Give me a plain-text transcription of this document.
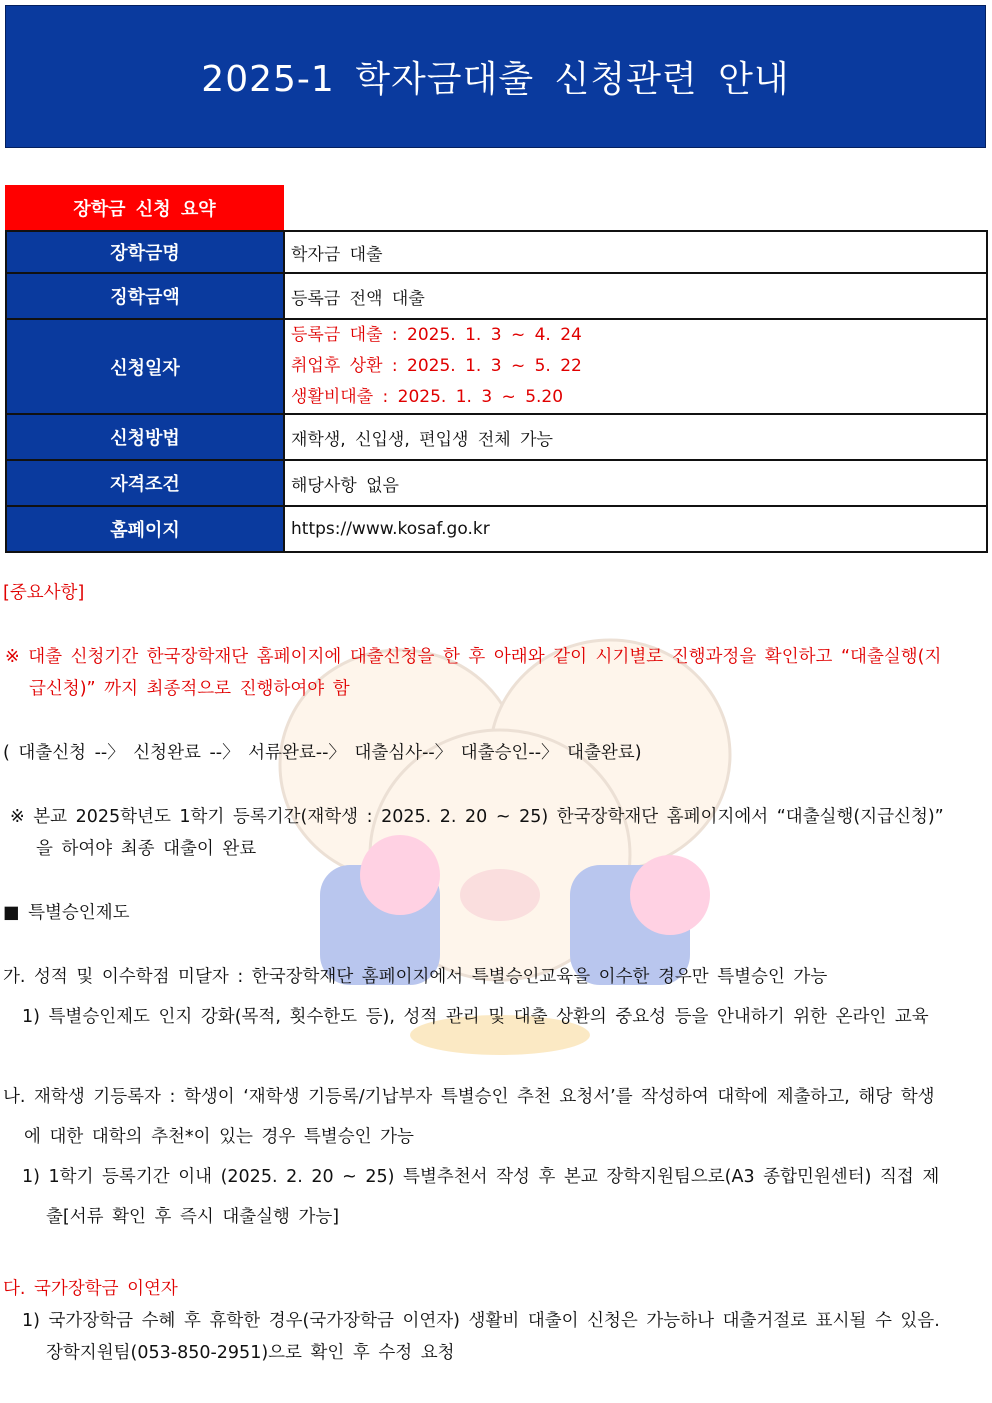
2025-1 학자금대출 신청관련 안내
장학금 신청 요약
장학금명	학자금 대출
징학금액	등록금 전액 대출
신청일자	등록금 대출 : 2025. 1. 3 ~ 4. 24
취업후 상환 : 2025. 1. 3 ~ 5. 22
생활비대출 : 2025. 1. 3 ~ 5.20

신청방법	재학생, 신입생, 편입생 전체 가능
자격조건	해당사항 없음
홈페이지	https://www.kosaf.go.kr
[중요사항]
※ 대출 신청기간 한국장학재단 홈페이지에 대출신청을 한 후 아래와 같이 시기별로 진행과정을 확인하고 “대출실행(지
급신청)” 까지 최종적으로 진행하여야 함
( 대출신청 --〉 신청완료 --〉 서류완료--〉 대출심사--〉 대출승인--〉 대출완료)
※ 본교 2025학년도 1학기 등록기간(재학생 : 2025. 2. 20 ~ 25) 한국장학재단 홈페이지에서 “대출실행(지급신청)”
을 하여야 최종 대출이 완료
■ 특별승인제도
가. 성적 및 이수학점 미달자 : 한국장학재단 홈페이지에서 특별승인교육을 이수한 경우만 특별승인 가능
1) 특별승인제도 인지 강화(목적, 횟수한도 등), 성적 관리 및 대출 상환의 중요성 등을 안내하기 위한 온라인 교육
나. 재학생 기등록자 : 학생이 ‘재학생 기등록/기납부자 특별승인 추천 요청서’를 작성하여 대학에 제출하고, 해당 학생
에 대한 대학의 추천*이 있는 경우 특별승인 가능
1) 1학기 등록기간 이내 (2025. 2. 20 ~ 25) 특별추천서 작성 후 본교 장학지원팀으로(A3 종합민원센터) 직접 제
출[서류 확인 후 즉시 대출실행 가능]
다. 국가장학금 이연자
1) 국가장학금 수혜 후 휴학한 경우(국가장학금 이연자) 생활비 대출이 신청은 가능하나 대출거절로 표시될 수 있음.
장학지원팀(053-850-2951)으로 확인 후 수정 요청
